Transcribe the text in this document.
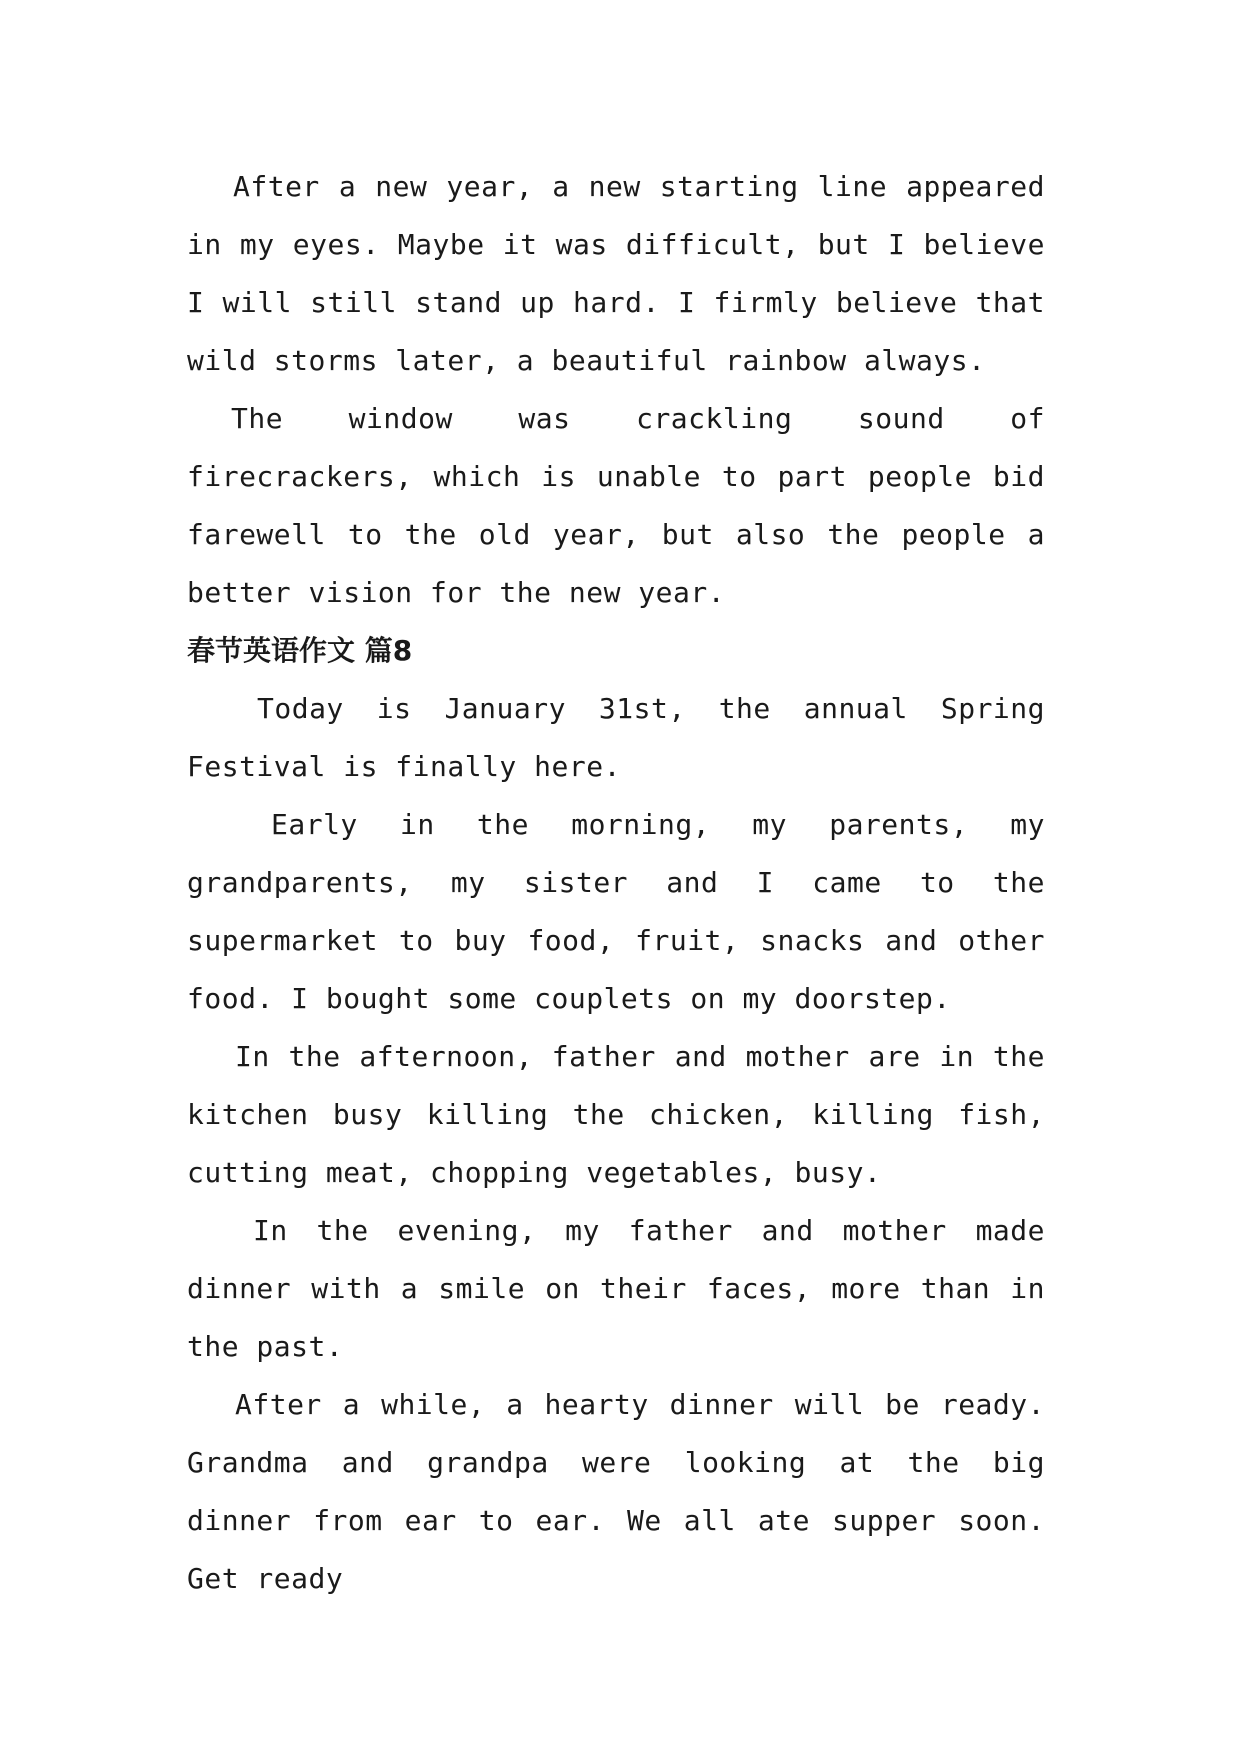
After a new year, a new starting line appeared in my eyes. Maybe it was difficult, but I believe I will still stand up hard. I firmly believe that wild storms later, a beautiful rainbow always.

The window was crackling sound of firecrackers, which is unable to part people bid farewell to the old year, but also the people a better vision for the new year.

春节英语作文 篇8

Today is January 31st, the annual Spring Festival is finally here.

Early in the morning, my parents, my grandparents, my sister and I came to the supermarket to buy food, fruit, snacks and other food. I bought some couplets on my doorstep.

In the afternoon, father and mother are in the kitchen busy killing the chicken, killing fish, cutting meat, chopping vegetables, busy.

In the evening, my father and mother made dinner with a smile on their faces, more than in the past.

After a while, a hearty dinner will be ready. Grandma and grandpa were looking at the big dinner from ear to ear. We all ate supper soon. Get ready
